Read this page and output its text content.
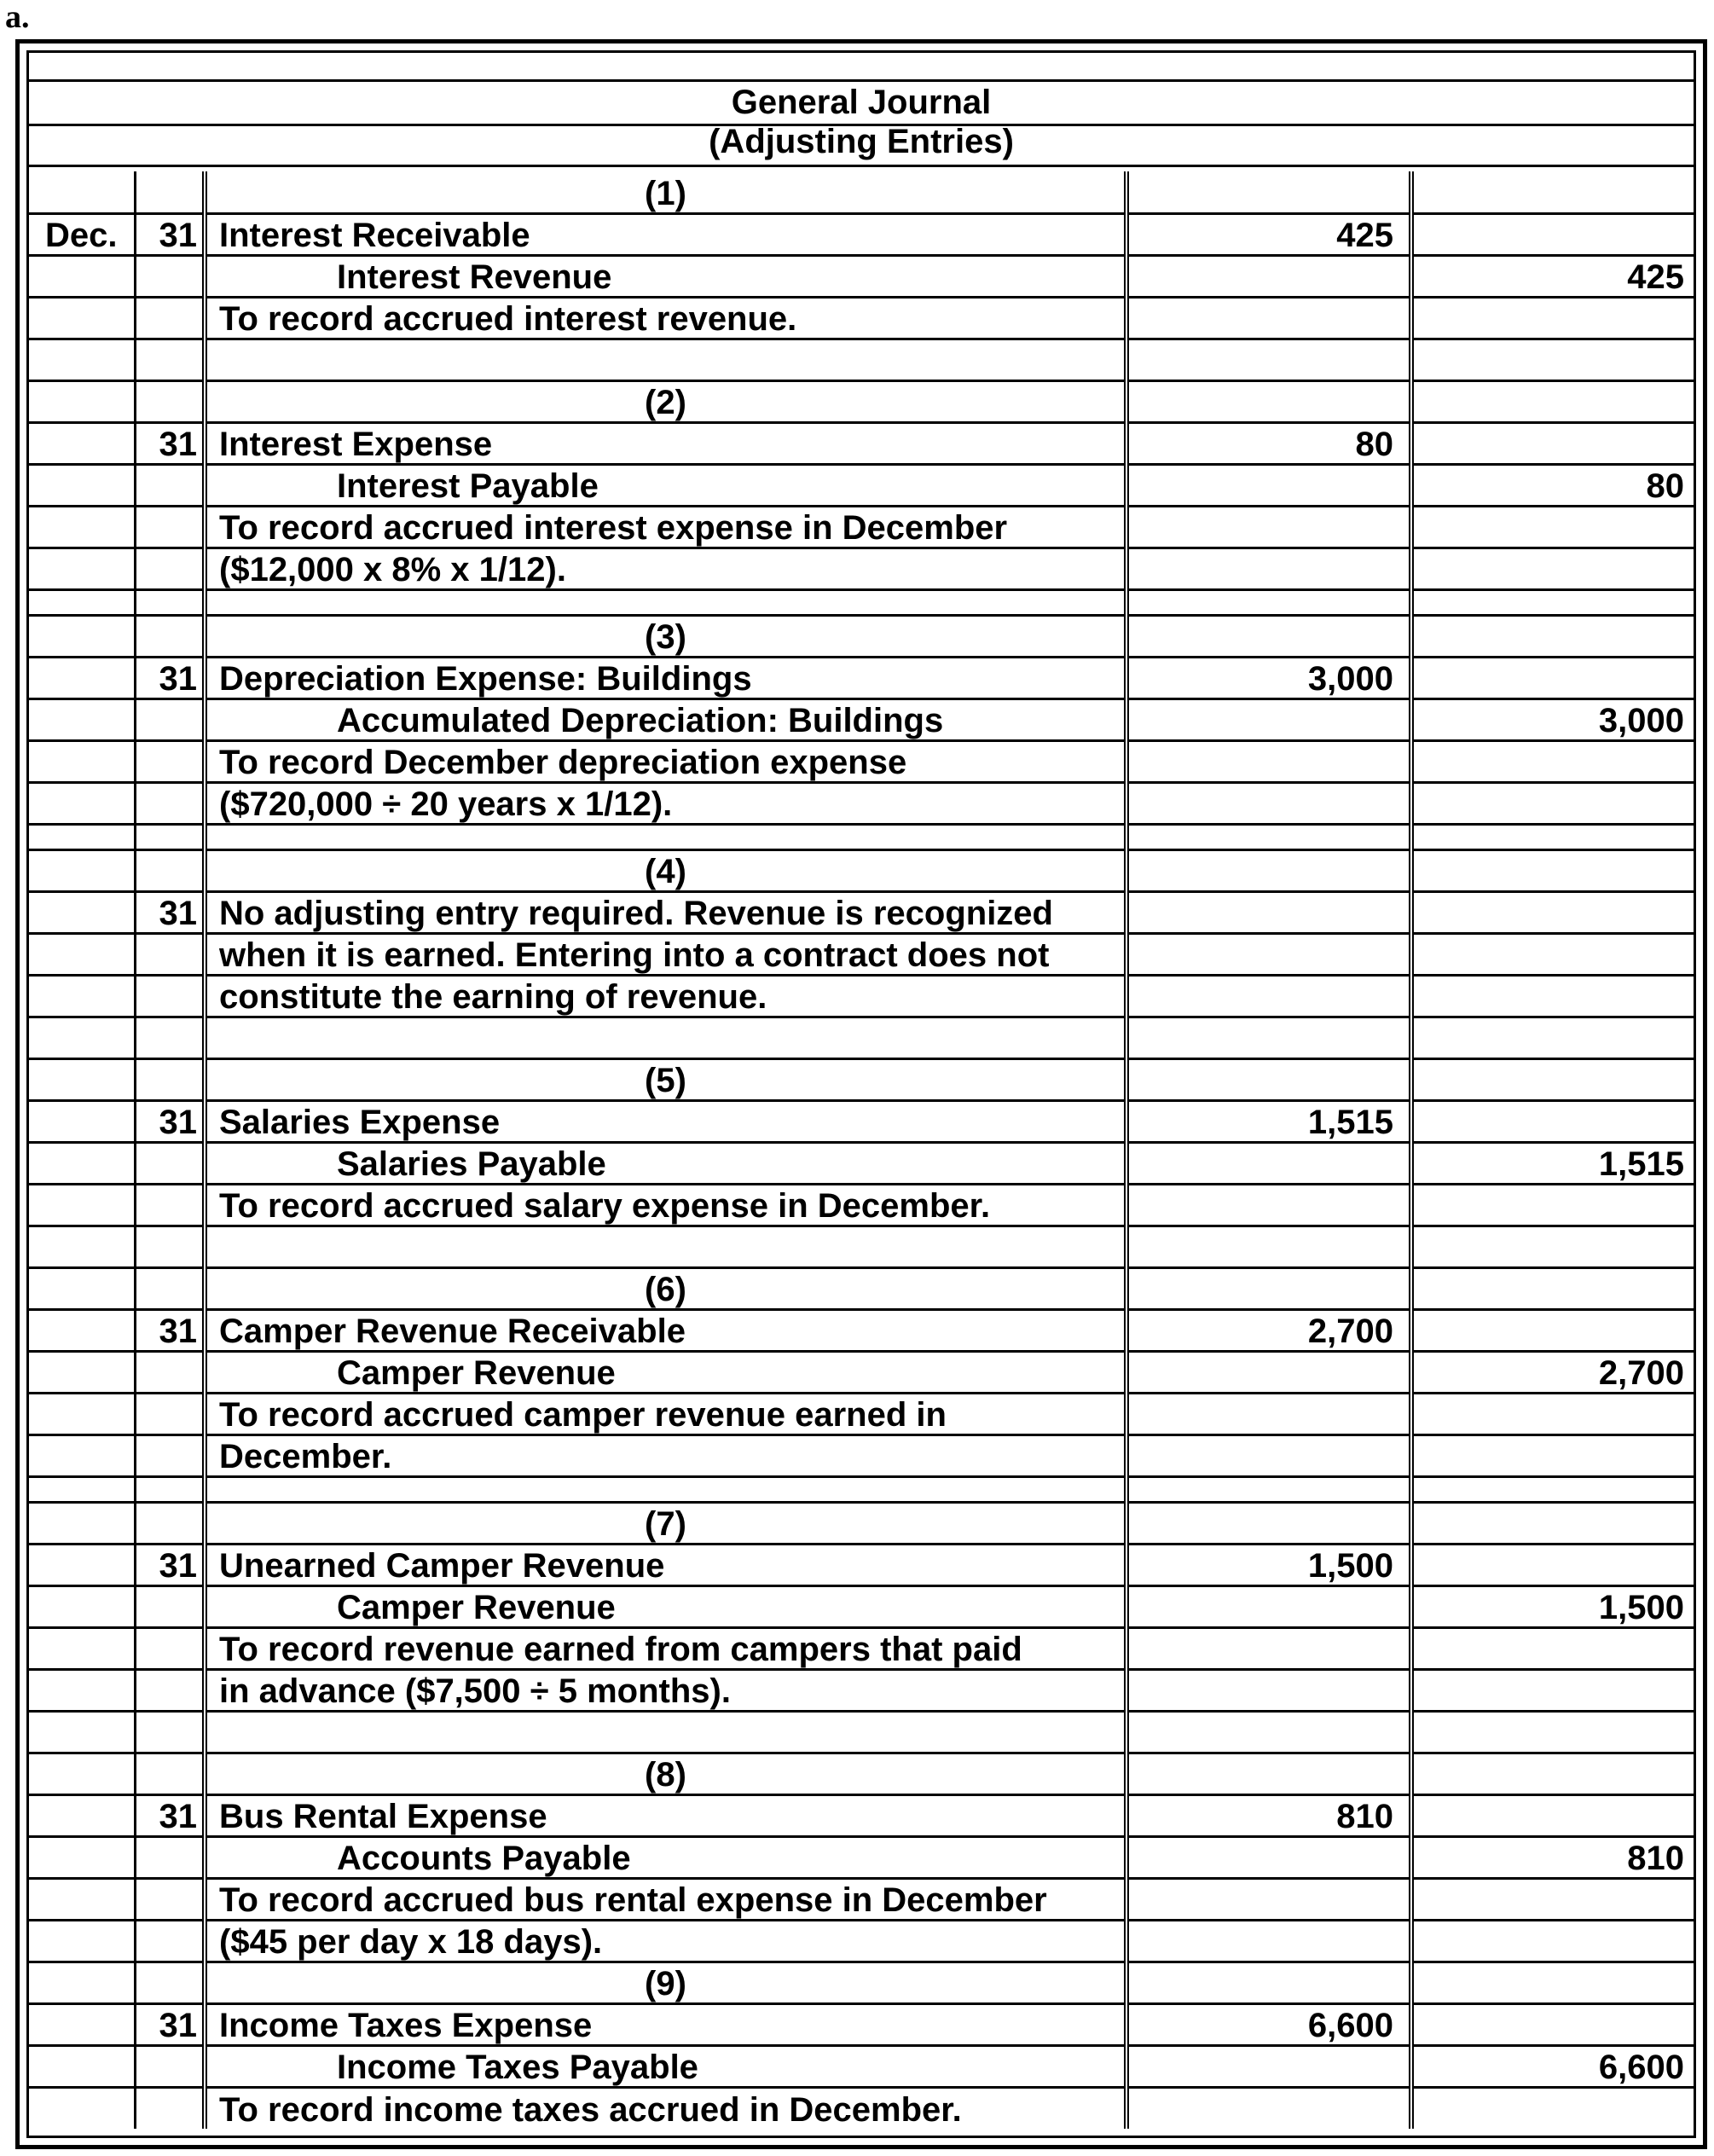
a.
General Journal
(Adjusting Entries)
		(1)		
Dec.	31	Interest Receivable	425	
		Interest Revenue		425
		To record accrued interest revenue.		

		(2)		
	31	Interest Expense	80	
		Interest Payable		80
		To record accrued interest expense in December		
		($12,000 x 8% x 1/12).		

		(3)		
	31	Depreciation Expense: Buildings	3,000	
		Accumulated Depreciation: Buildings		3,000
		To record December depreciation expense		
		($720,000 ÷ 20 years x 1/12).		

		(4)		
	31	No adjusting entry required. Revenue is recognized		
		when it is earned. Entering into a contract does not		
		constitute the earning of revenue.		

		(5)		
	31	Salaries Expense	1,515	
		Salaries Payable		1,515
		To record accrued salary expense in December.		

		(6)		
	31	Camper Revenue Receivable	2,700	
		Camper Revenue		2,700
		To record accrued camper revenue earned in		
		December.		

		(7)		
	31	Unearned Camper Revenue	1,500	
		Camper Revenue		1,500
		To record revenue earned from campers that paid		
		in advance ($7,500 ÷ 5 months).		

		(8)		
	31	Bus Rental Expense	810	
		Accounts Payable		810
		To record accrued bus rental expense in December		
		($45 per day x 18 days).		
		(9)		
	31	Income Taxes Expense	6,600	
		Income Taxes Payable		6,600
		To record income taxes accrued in December.		
